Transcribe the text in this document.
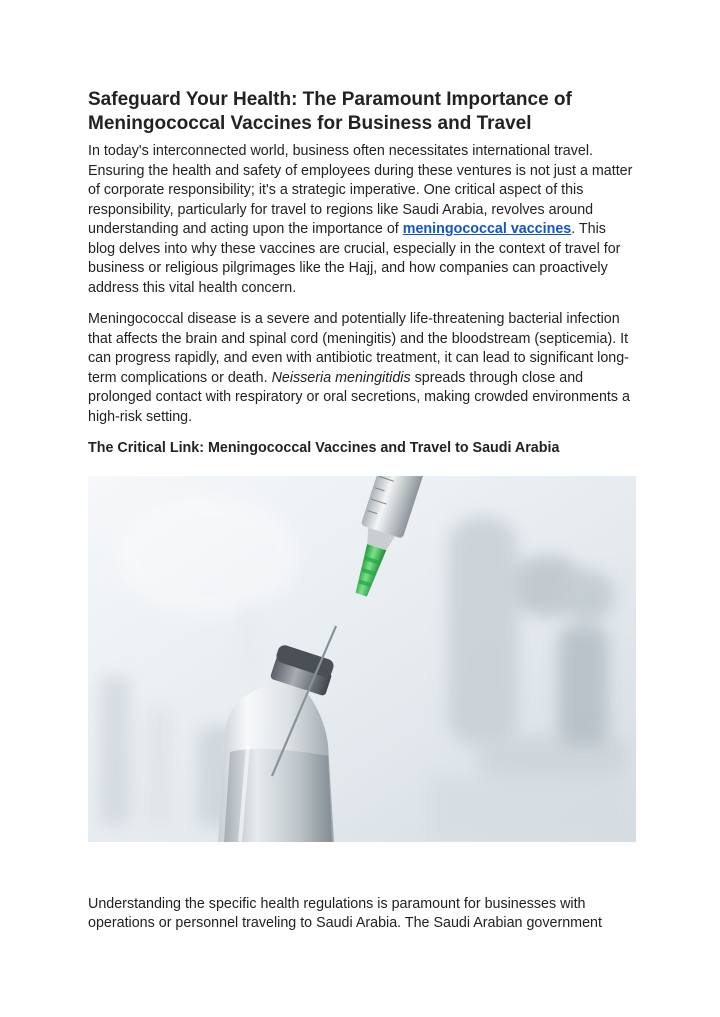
Safeguard Your Health: The Paramount Importance of
Meningococcal Vaccines for Business and Travel

In today's interconnected world, business often necessitates international travel. Ensuring the health and safety of employees during these ventures is not just a matter of corporate responsibility; it's a strategic imperative. One critical aspect of this responsibility, particularly for travel to regions like Saudi Arabia, revolves around understanding and acting upon the importance of meningococcal vaccines. This blog delves into why these vaccines are crucial, especially in the context of travel for business or religious pilgrimages like the Hajj, and how companies can proactively address this vital health concern.

Meningococcal disease is a severe and potentially life-threatening bacterial infection that affects the brain and spinal cord (meningitis) and the bloodstream (septicemia). It can progress rapidly, and even with antibiotic treatment, it can lead to significant long-term complications or death. Neisseria meningitidis spreads through close and prolonged contact with respiratory or oral secretions, making crowded environments a high-risk setting.

The Critical Link: Meningococcal Vaccines and Travel to Saudi Arabia

Understanding the specific health regulations is paramount for businesses with operations or personnel traveling to Saudi Arabia. The Saudi Arabian government
